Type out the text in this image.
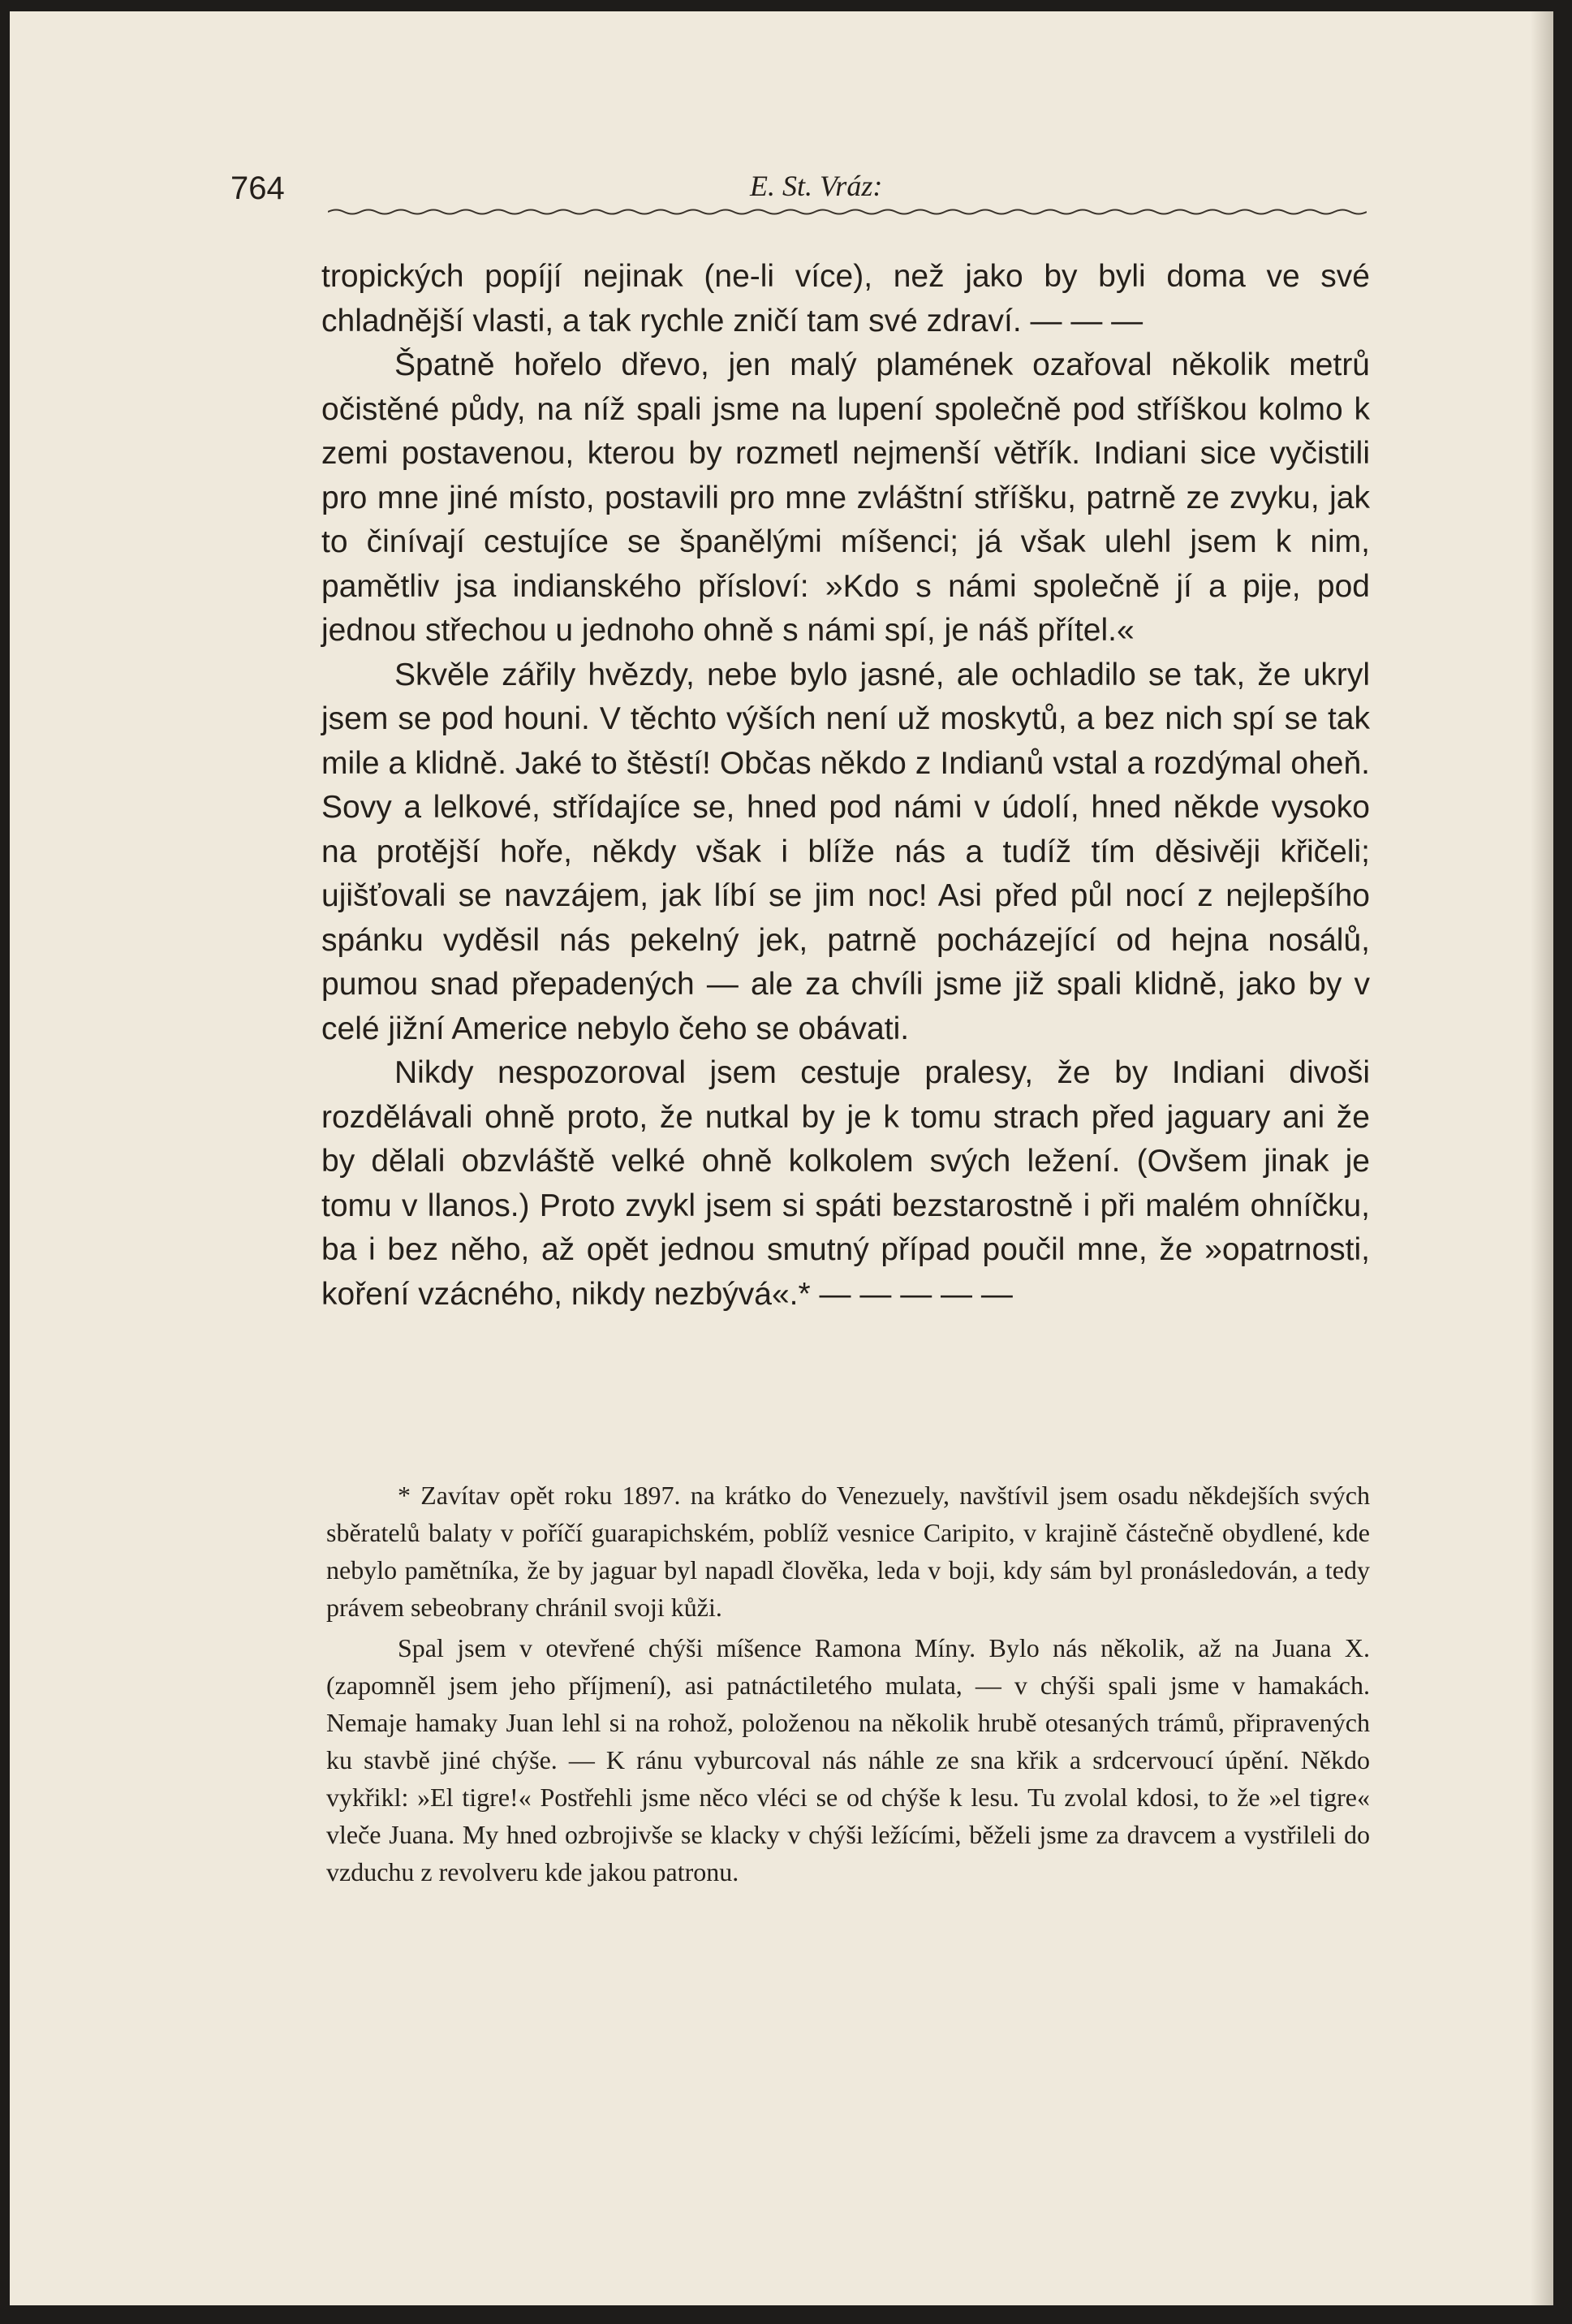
764	E. St. Vráz:

tropických popíjí nejinak (ne-li více), než jako by byli doma ve své chladnější vlasti, a tak rychle zničí tam své zdraví. — — —

Špatně hořelo dřevo, jen malý plamének ozařoval několik metrů očistěné půdy, na níž spali jsme na lupení společně pod stříškou kolmo k zemi postavenou, kterou by rozmetl nejmenší větřík. Indiani sice vyčistili pro mne jiné místo, postavili pro mne zvláštní stříšku, patrně ze zvyku, jak to činívají cestujíce se španělými míšenci; já však ulehl jsem k nim, pamětliv jsa indianského přísloví: »Kdo s námi společně jí a pije, pod jednou střechou u jednoho ohně s námi spí, je náš přítel.«

Skvěle zářily hvězdy, nebe bylo jasné, ale ochladilo se tak, že ukryl jsem se pod houni. V těchto výších není už moskytů, a bez nich spí se tak mile a klidně. Jaké to štěstí! Občas někdo z Indianů vstal a rozdýmal oheň. Sovy a lelkové, střídajíce se, hned pod námi v údolí, hned někde vysoko na protější hoře, někdy však i blíže nás a tudíž tím děsivěji křičeli; ujišťovali se navzájem, jak líbí se jim noc! Asi před půl nocí z nejlepšího spánku vyděsil nás pekelný jek, patrně pocházející od hejna nosálů, pumou snad přepadených — ale za chvíli jsme již spali klidně, jako by v celé jižní Americe nebylo čeho se obávati.

Nikdy nespozoroval jsem cestuje pralesy, že by Indiani divoši rozdělávali ohně proto, že nutkal by je k tomu strach před jaguary ani že by dělali obzvláště velké ohně kolkolem svých ležení. (Ovšem jinak je tomu v llanos.) Proto zvykl jsem si spáti bezstarostně i při malém ohníčku, ba i bez něho, až opět jednou smutný případ poučil mne, že »opatrnosti, koření vzácného, nikdy nezbývá«.* — — — — —

* Zavítav opět roku 1897. na krátko do Venezuely, navštívil jsem osadu někdejších svých sběratelů balaty v poříčí guarapichském, poblíž vesnice Caripito, v krajině částečně obydlené, kde nebylo pamětníka, že by jaguar byl napadl člověka, leda v boji, kdy sám byl pronásledován, a tedy právem sebeobrany chránil svoji kůži.

Spal jsem v otevřené chýši míšence Ramona Míny. Bylo nás několik, až na Juana X. (zapomněl jsem jeho příjmení), asi patnáctiletého mulata, — v chýši spali jsme v hamakách. Nemaje hamaky Juan lehl si na rohož, položenou na několik hrubě otesaných trámů, připravených ku stavbě jiné chýše. — K ránu vyburcoval nás náhle ze sna křik a srdcervoucí úpění. Někdo vykřikl: »El tigre!« Postřehli jsme něco vléci se od chýše k lesu. Tu zvolal kdosi, to že »el tigre« vleče Juana. My hned ozbrojivše se klacky v chýši ležícími, běželi jsme za dravcem a vystřileli do vzduchu z revolveru kde jakou patronu.
